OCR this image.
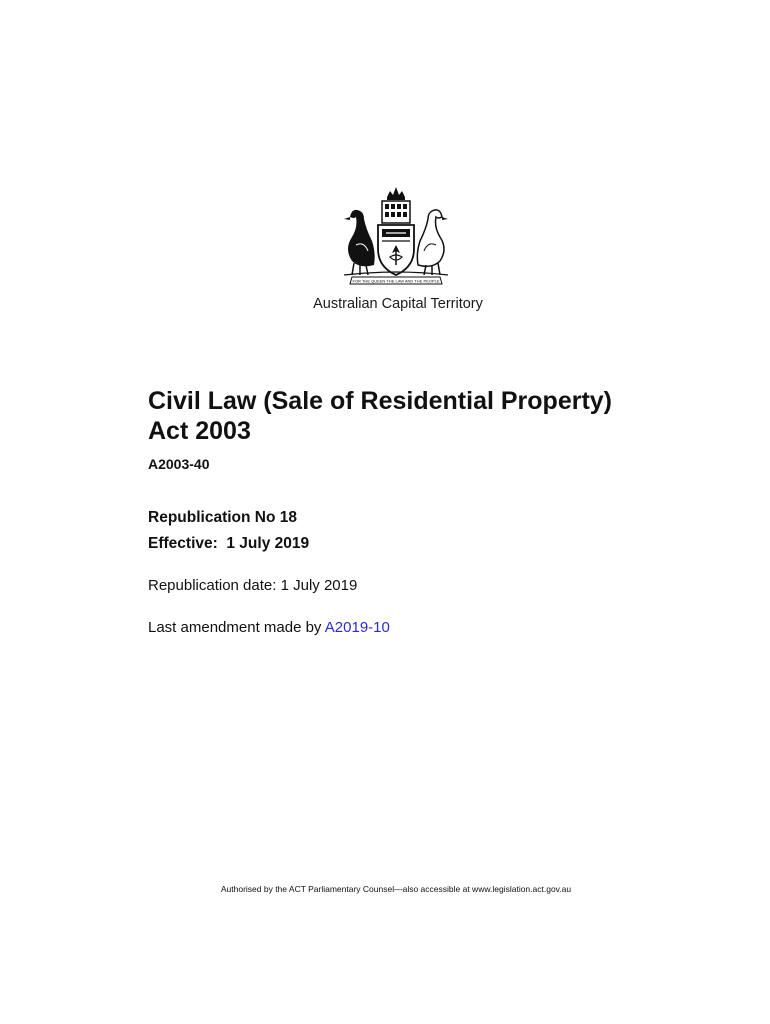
FOR THE QUEEN THE LAW AND THE PEOPLE
Australian Capital Territory
Civil Law (Sale of Residential Property)
Act 2003
A2003-40
Republication No 18
Effective:  1 July 2019
Republication date: 1 July 2019
Last amendment made by A2019-10
Authorised by the ACT Parliamentary Counsel—also accessible at www.legislation.act.gov.au
